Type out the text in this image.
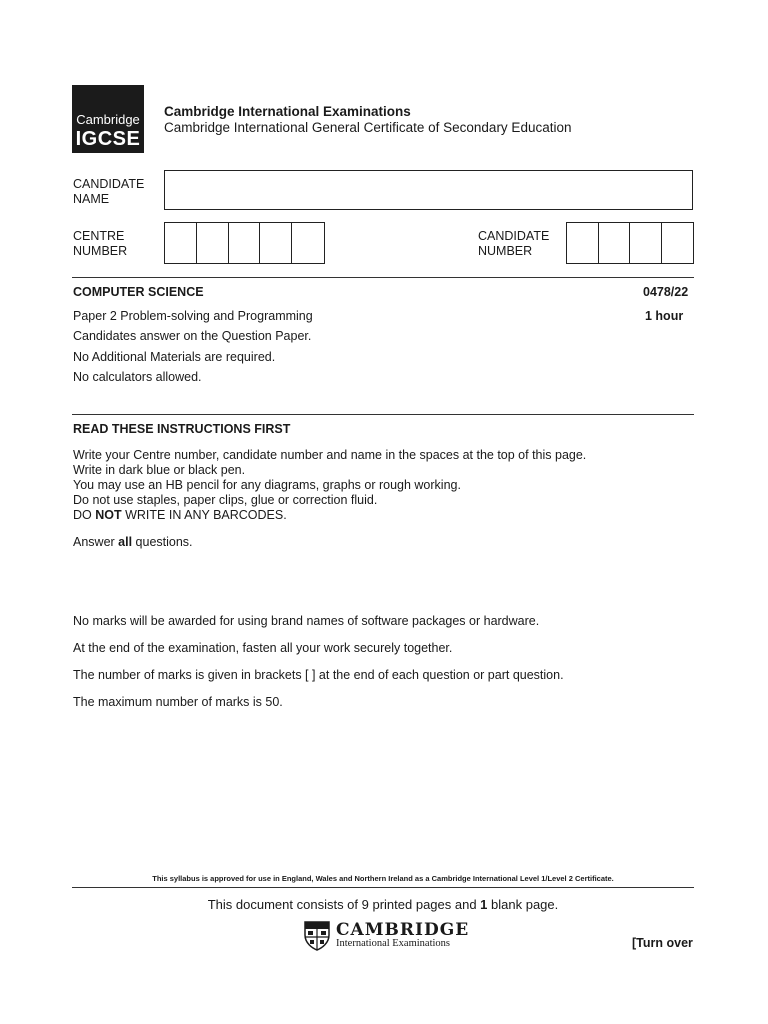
Cambridge
IGCSE
Cambridge International Examinations
Cambridge International General Certificate of Secondary Education
CANDIDATE
NAME
CENTRE
NUMBER
CANDIDATE
NUMBER
COMPUTER SCIENCE	0478/22
Paper 2 Problem-solving and Programming	1 hour
Candidates answer on the Question Paper.
No Additional Materials are required.
No calculators allowed.
READ THESE INSTRUCTIONS FIRST
Write your Centre number, candidate number and name in the spaces at the top of this page.
Write in dark blue or black pen.
You may use an HB pencil for any diagrams, graphs or rough working.
Do not use staples, paper clips, glue or correction fluid.
DO NOT WRITE IN ANY BARCODES.
Answer all questions.
No marks will be awarded for using brand names of software packages or hardware.
At the end of the examination, fasten all your work securely together.
The number of marks is given in brackets [ ] at the end of each question or part question.
The maximum number of marks is 50.
This syllabus is approved for use in England, Wales and Northern Ireland as a Cambridge International Level 1/Level 2 Certificate.
This document consists of 9 printed pages and 1 blank page.
CAMBRIDGE
International Examinations	[Turn over
